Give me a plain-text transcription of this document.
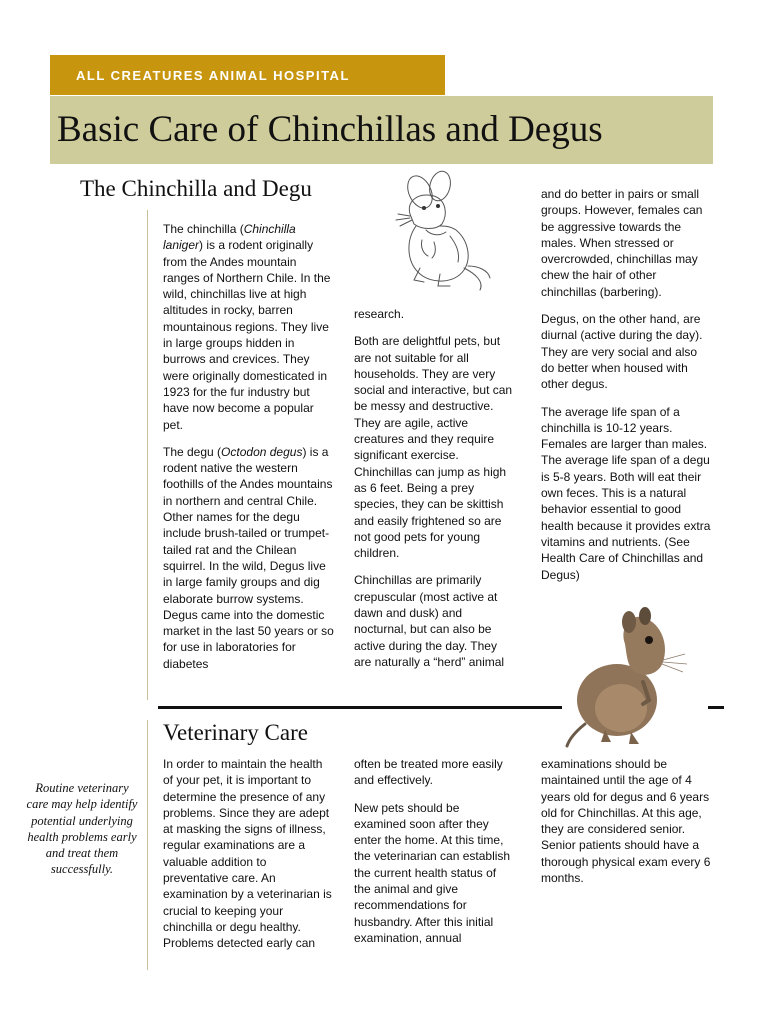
ALL CREATURES ANIMAL HOSPITAL
Basic Care of Chinchillas and Degus
The Chinchilla and Degu

The chinchilla (Chinchilla laniger) is a rodent originally from the Andes mountain ranges of Northern Chile. In the wild, chinchillas live at high altitudes in rocky, barren mountainous regions. They live in large groups hidden in burrows and crevices. They were originally domesticated in 1923 for the fur industry but have now become a popular pet.

The degu (Octodon degus) is a rodent native the western foothills of the Andes mountains in northern and central Chile. Other names for the degu include brush-tailed or trumpet-tailed rat and the Chilean squirrel. In the wild, Degus live in large family groups and dig elaborate burrow systems. Degus came into the domestic market in the last 50 years or so for use in laboratories for diabetes

research.

Both are delightful pets, but are not suitable for all households. They are very social and interactive, but can be messy and destructive. They are agile, active creatures and they require significant exercise. Chinchillas can jump as high as 6 feet. Being a prey species, they can be skittish and easily frightened so are not good pets for young children.

Chinchillas are primarily crepuscular (most active at dawn and dusk) and nocturnal, but can also be active during the day. They are naturally a “herd” animal

and do better in pairs or small groups. However, females can be aggressive towards the males. When stressed or overcrowded, chinchillas may chew the hair of other chinchillas (barbering).

Degus, on the other hand, are diurnal (active during the day). They are very social and also do better when housed with other degus.

The average life span of a chinchilla is 10-12 years. Females are larger than males. The average life span of a degu is 5-8 years. Both will eat their own feces. This is a natural behavior essential to good health because it provides extra vitamins and nutrients. (See Health Care of Chinchillas and Degus)

Veterinary Care
Routine veterinary care may help identify potential underlying health problems early and treat them successfully.

In order to maintain the health of your pet, it is important to determine the presence of any problems. Since they are adept at masking the signs of illness, regular examinations are a valuable addition to preventative care. An examination by a veterinarian is crucial to keeping your chinchilla or degu healthy. Problems detected early can

often be treated more easily and effectively.

New pets should be examined soon after they enter the home. At this time, the veterinarian can establish the current health status of the animal and give recommendations for husbandry. After this initial examination, annual

examinations should be maintained until the age of 4 years old for degus and 6 years old for Chinchillas. At this age, they are considered senior. Senior patients should have a thorough physical exam every 6 months.
